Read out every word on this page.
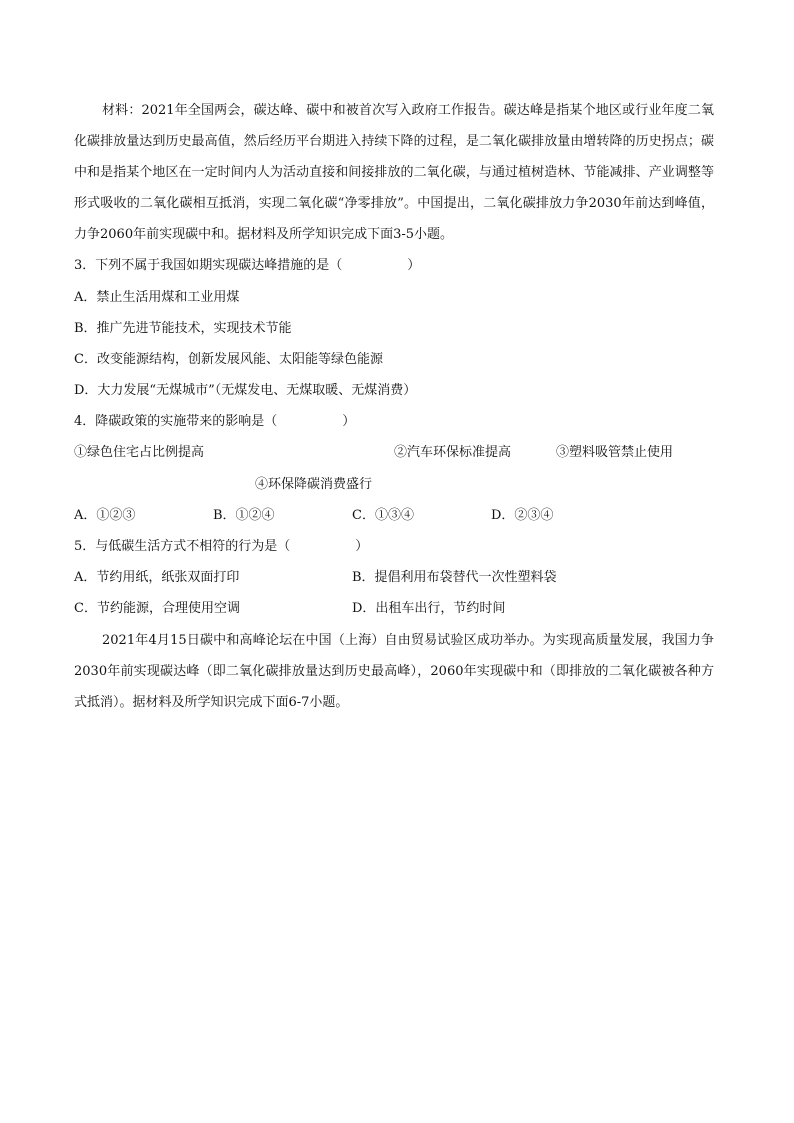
材料：2021年全国两会，碳达峰、碳中和被首次写入政府工作报告。碳达峰是指某个地区或行业年度二氧化碳排放量达到历史最高值，然后经历平台期进入持续下降的过程，是二氧化碳排放量由增转降的历史拐点；碳中和是指某个地区在一定时间内人为活动直接和间接排放的二氧化碳，与通过植树造林、节能减排、产业调整等形式吸收的二氧化碳相互抵消，实现二氧化碳“净零排放”。中国提出，二氧化碳排放力争2030年前达到峰值，力争2060年前实现碳中和。据材料及所学知识完成下面3-5小题。

3．下列不属于我国如期实现碳达峰措施的是（　　　　　）
A．禁止生活用煤和工业用煤
B．推广先进节能技术，实现技术节能
C．改变能源结构，创新发展风能、太阳能等绿色能源
D．大力发展“无煤城市”（无煤发电、无煤取暖、无煤消费）
4．降碳政策的实施带来的影响是（　　　　　）
①绿色住宅占比例提高	②汽车环保标准提高	③塑料吸管禁止使用
④环保降碳消费盛行
A．①②③	B．①②④	C．①③④	D．②③④
5．与低碳生活方式不相符的行为是（　　　　　）
A．节约用纸，纸张双面打印	B．提倡利用布袋替代一次性塑料袋
C．节约能源，合理使用空调	D．出租车出行，节约时间

2021年4月15日碳中和高峰论坛在中国（上海）自由贸易试验区成功举办。为实现高质量发展，我国力争2030年前实现碳达峰（即二氧化碳排放量达到历史最高峰），2060年实现碳中和（即排放的二氧化碳被各种方式抵消）。据材料及所学知识完成下面6-7小题。
